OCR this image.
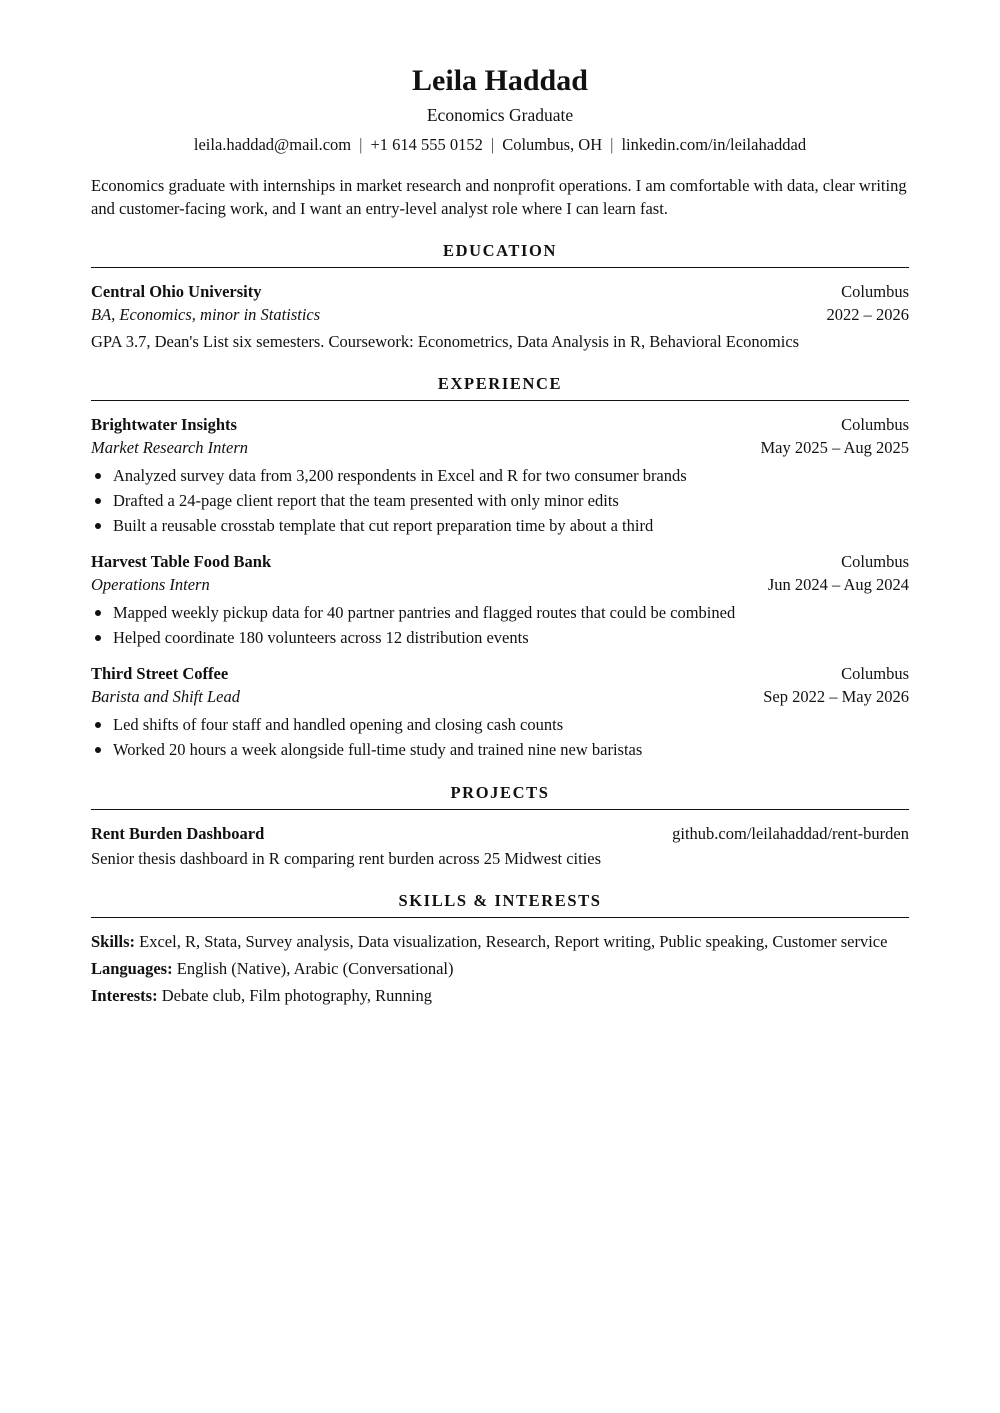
Leila Haddad
Economics Graduate
leila.haddad@mail.com | +1 614 555 0152 | Columbus, OH | linkedin.com/in/leilahaddad
Economics graduate with internships in market research and nonprofit operations. I am comfortable with data, clear writing and customer-facing work, and I want an entry-level analyst role where I can learn fast.
EDUCATION
Central Ohio University	Columbus
BA, Economics, minor in Statistics	2022 – 2026
GPA 3.7, Dean's List six semesters. Coursework: Econometrics, Data Analysis in R, Behavioral Economics
EXPERIENCE
Brightwater Insights	Columbus
Market Research Intern	May 2025 – Aug 2025
Analyzed survey data from 3,200 respondents in Excel and R for two consumer brands
Drafted a 24-page client report that the team presented with only minor edits
Built a reusable crosstab template that cut report preparation time by about a third
Harvest Table Food Bank	Columbus
Operations Intern	Jun 2024 – Aug 2024
Mapped weekly pickup data for 40 partner pantries and flagged routes that could be combined
Helped coordinate 180 volunteers across 12 distribution events
Third Street Coffee	Columbus
Barista and Shift Lead	Sep 2022 – May 2026
Led shifts of four staff and handled opening and closing cash counts
Worked 20 hours a week alongside full-time study and trained nine new baristas
PROJECTS
Rent Burden Dashboard	github.com/leilahaddad/rent-burden
Senior thesis dashboard in R comparing rent burden across 25 Midwest cities
SKILLS & INTERESTS
Skills: Excel, R, Stata, Survey analysis, Data visualization, Research, Report writing, Public speaking, Customer service
Languages: English (Native), Arabic (Conversational)
Interests: Debate club, Film photography, Running
